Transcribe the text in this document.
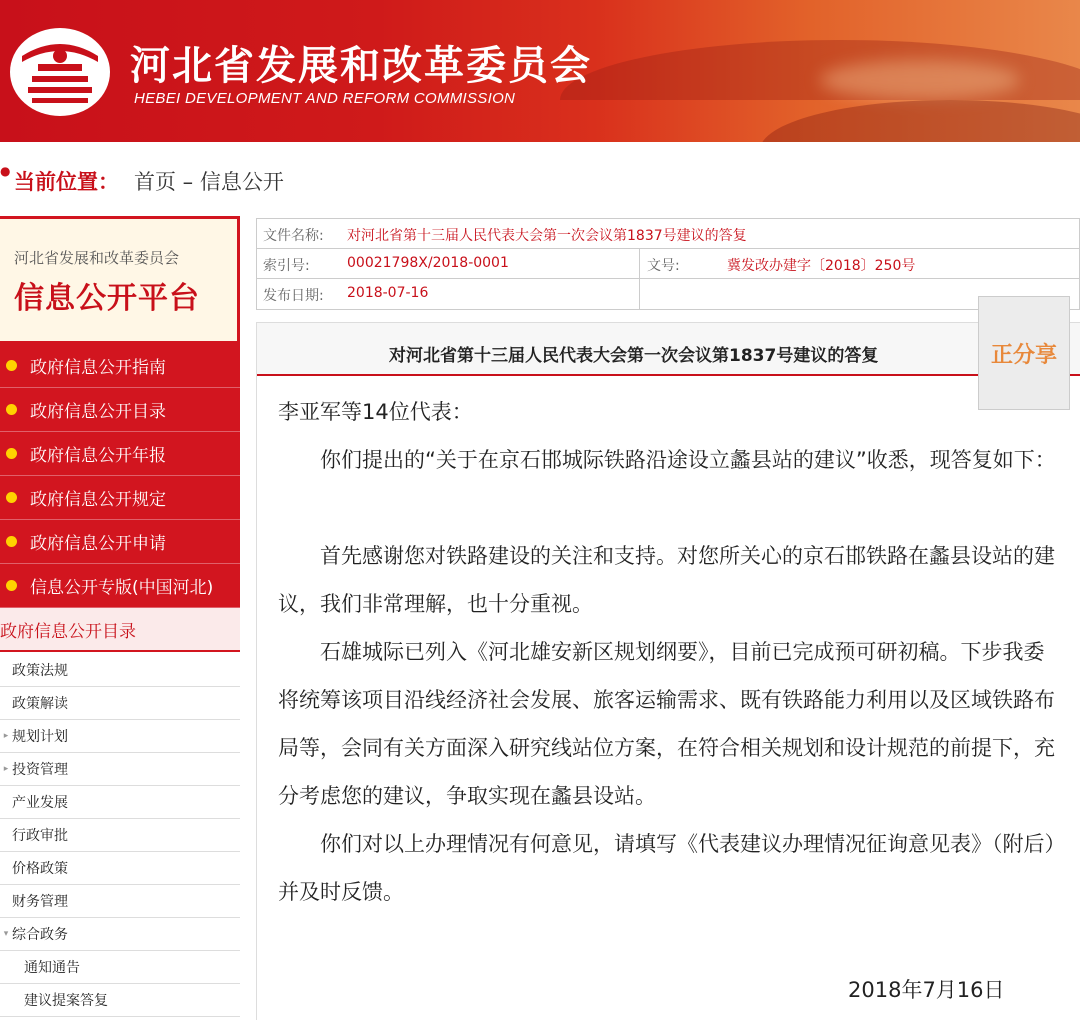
河北省发展和改革委员会
HEBEI DEVELOPMENT AND REFORM COMMISSION
● 当前位置： 首页 – 信息公开
河北省发展和改革委员会
信息公开平台
政府信息公开指南
政府信息公开目录
政府信息公开年报
政府信息公开规定
政府信息公开申请
信息公开专版(中国河北)
政府信息公开目录
政策法规
政策解读
▸ 规划计划
▸ 投资管理
产业发展
行政审批
价格政策
财务管理
▾ 综合政务
通知通告
建议提案答复
文件名称: 对河北省第十三届人民代表大会第一次会议第1837号建议的答复
索引号:	00021798X/2018-0001	文号:	冀发改办建字〔2018〕250号
发布日期: 2018-07-16
对河北省第十三届人民代表大会第一次会议第1837号建议的答复	正分享
李亚军等14位代表：
你们提出的“关于在京石邯城际铁路沿途设立蠡县站的建议”收悉，现答复如下：
首先感谢您对铁路建设的关注和支持。对您所关心的京石邯铁路在蠡县设站的建议，我们非常理解，也十分重视。
石雄城际已列入《河北雄安新区规划纲要》，目前已完成预可研初稿。下步我委将统筹该项目沿线经济社会发展、旅客运输需求、既有铁路能力利用以及区域铁路布局等，会同有关方面深入研究线站位方案，在符合相关规划和设计规范的前提下，充分考虑您的建议，争取实现在蠡县设站。
你们对以上办理情况有何意见，请填写《代表建议办理情况征询意见表》（附后）并及时反馈。
2018年7月16日
